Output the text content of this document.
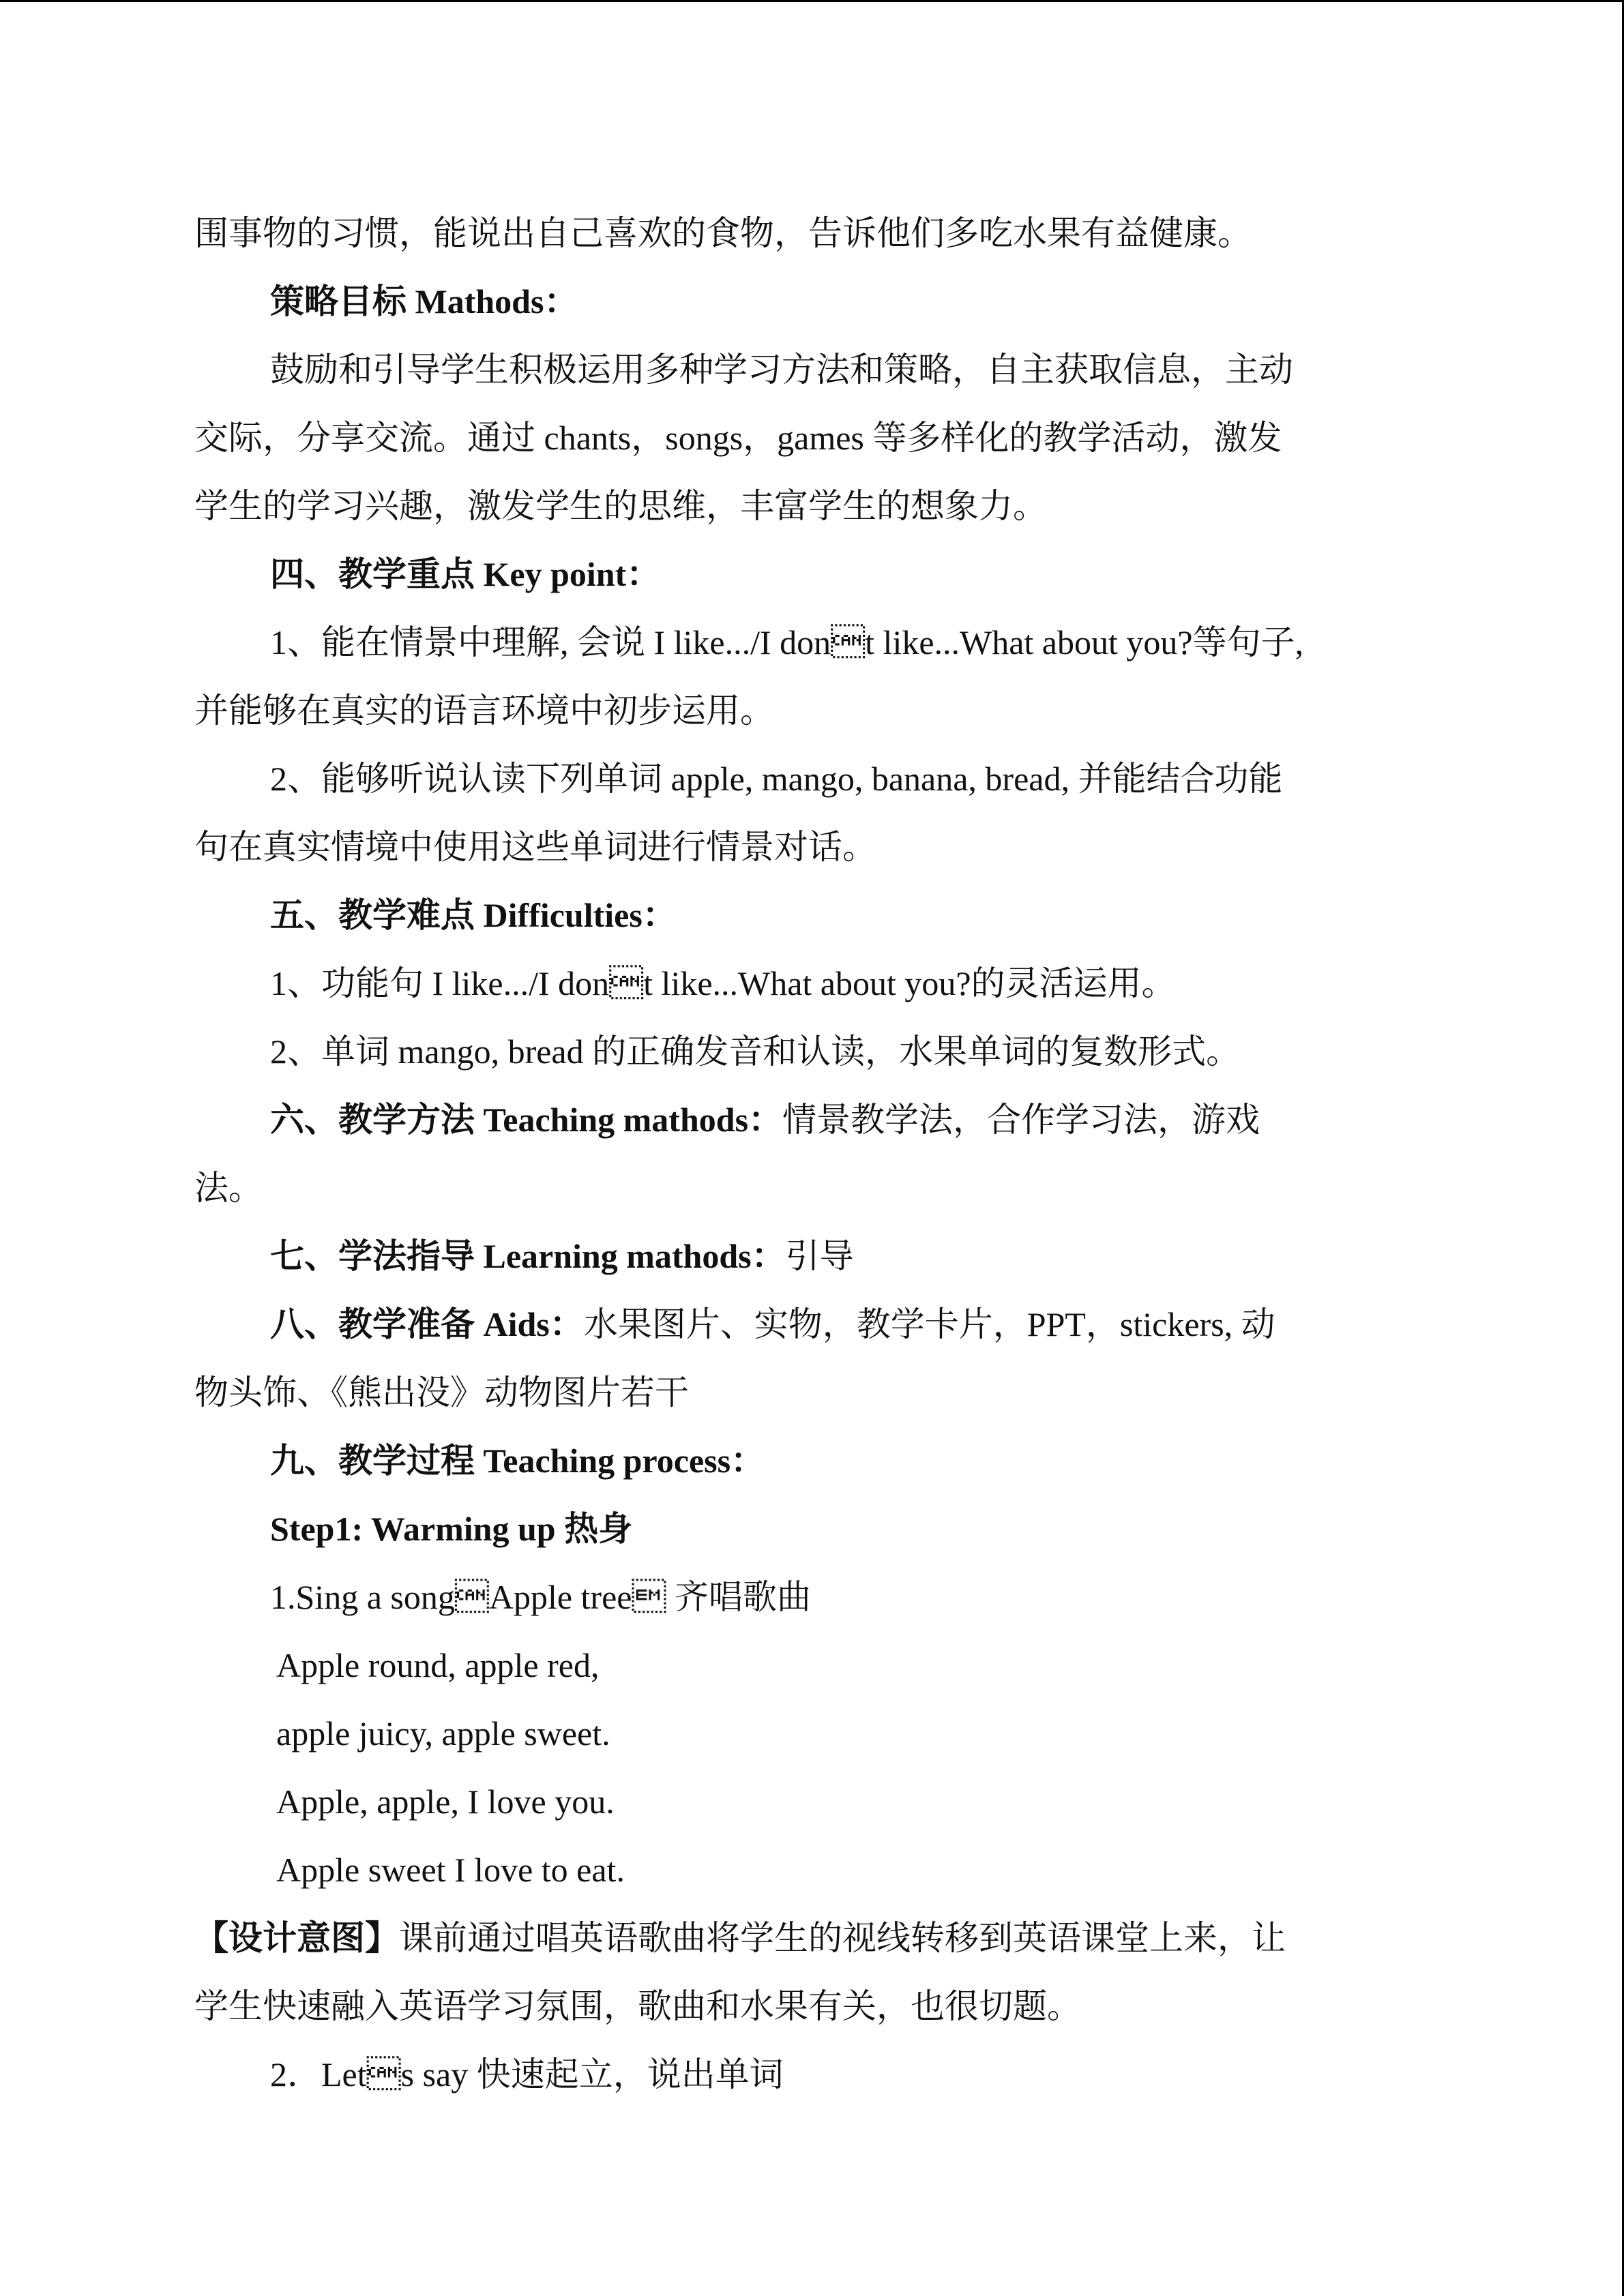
围事物的习惯，能说出自己喜欢的食物，告诉他们多吃水果有益健康。
策略目标 Mathods：
鼓励和引导学生积极运用多种学习方法和策略，自主获取信息，主动
交际，分享交流。通过 chants，songs，games 等多样化的教学活动，激发
学生的学习兴趣，激发学生的思维，丰富学生的想象力。
四、教学重点 Key point：
1、能在情景中理解, 会说 I like.../I dont like...What about you?等句子,
并能够在真实的语言环境中初步运用。
2、能够听说认读下列单词 apple, mango, banana, bread, 并能结合功能
句在真实情境中使用这些单词进行情景对话。
五、教学难点 Difficulties：
1、功能句 I like.../I dont like...What about you?的灵活运用。
2、单词 mango, bread 的正确发音和认读，水果单词的复数形式。
六、教学方法 Teaching mathods：情景教学法，合作学习法，游戏
法。
七、学法指导 Learning mathods：引导
八、教学准备 Aids：水果图片、实物，教学卡片，PPT，stickers, 动
物头饰、《熊出没》动物图片若干
九、教学过程 Teaching process：
Step1: Warming up 热身
1.Sing a songApple tree 齐唱歌曲
Apple round, apple red,
apple juicy, apple sweet.
Apple, apple, I love you.
Apple sweet I love to eat.
【设计意图】课前通过唱英语歌曲将学生的视线转移到英语课堂上来，让
学生快速融入英语学习氛围，歌曲和水果有关，也很切题。
2．Lets say 快速起立，说出单词
